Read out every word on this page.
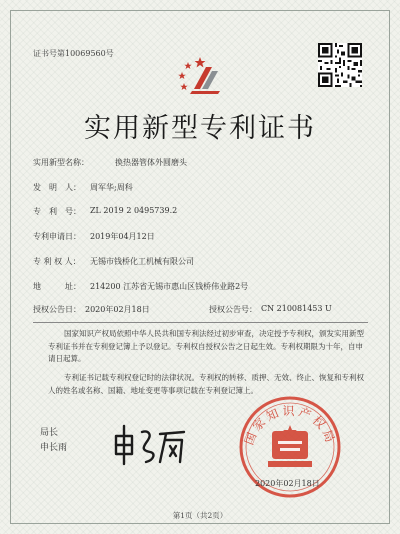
证书号第10069560号
实用新型专利证书
实用新型名称：	换热器管体外圆磨头
发　明　人： 周军华;周科
专　利　号： ZL 2019 2 0495739.2
专利申请日： 2019年04月12日
专 利 权 人： 无锡市钱桥化工机械有限公司
地　　　址： 214200 江苏省无锡市惠山区钱桥伟业路2号
授权公告日： 2020年02月18日	授权公告号： CN 210081453 U
国家知识产权局依照中华人民共和国专利法经过初步审查，决定授予专利权，颁发实用新型专利证书并在专利登记簿上予以登记。专利权自授权公告之日起生效。专利权期限为十年，自申请日起算。
专利证书记载专利权登记时的法律状况。专利权的转移、质押、无效、终止、恢复和专利权人的姓名或名称、国籍、地址变更等事项记载在专利登记簿上。
局长
申长雨
国家知识产权局
2020年02月18日
第1页（共2页）
